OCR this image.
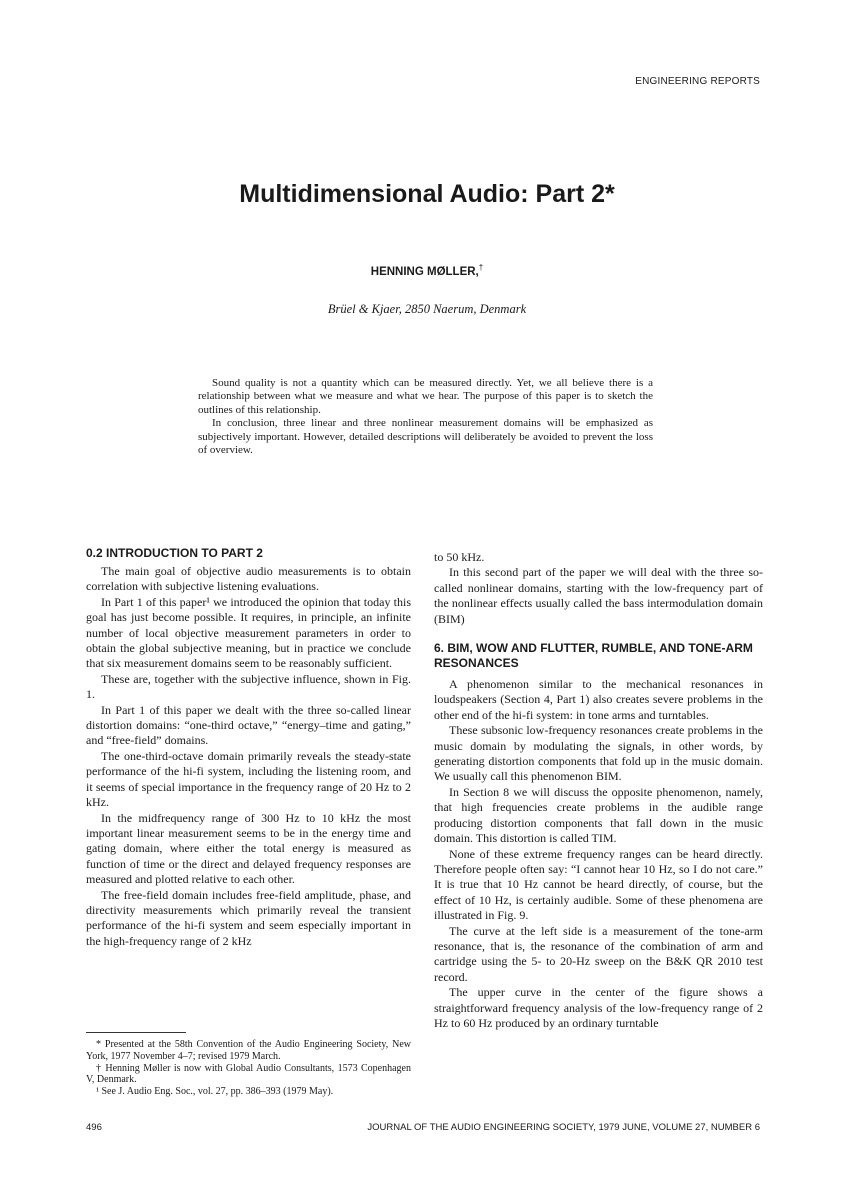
ENGINEERING REPORTS
Multidimensional Audio: Part 2*
HENNING MØLLER,†
Brüel & Kjaer, 2850 Naerum, Denmark

Sound quality is not a quantity which can be measured directly. Yet, we all believe there is a relationship between what we measure and what we hear. The purpose of this paper is to sketch the outlines of this relationship.

In conclusion, three linear and three nonlinear measurement domains will be emphasized as subjectively important. However, detailed descriptions will deliberately be avoided to prevent the loss of overview.

0.2 INTRODUCTION TO PART 2

The main goal of objective audio measurements is to obtain correlation with subjective listening evaluations.

In Part 1 of this paper¹ we introduced the opinion that today this goal has just become possible. It requires, in principle, an infinite number of local objective measurement parameters in order to obtain the global subjective meaning, but in practice we conclude that six measurement domains seem to be reasonably sufficient.

These are, together with the subjective influence, shown in Fig. 1.

In Part 1 of this paper we dealt with the three so-called linear distortion domains: “one-third octave,” “energy–time and gating,” and “free-field” domains.

The one-third-octave domain primarily reveals the steady-state performance of the hi-fi system, including the listening room, and it seems of special importance in the frequency range of 20 Hz to 2 kHz.

In the midfrequency range of 300 Hz to 10 kHz the most important linear measurement seems to be in the energy time and gating domain, where either the total energy is measured as function of time or the direct and delayed frequency responses are measured and plotted relative to each other.

The free-field domain includes free-field amplitude, phase, and directivity measurements which primarily reveal the transient performance of the hi-fi system and seem especially important in the high-frequency range of 2 kHz

* Presented at the 58th Convention of the Audio Engineering Society, New York, 1977 November 4–7; revised 1979 March.

† Henning Møller is now with Global Audio Consultants, 1573 Copenhagen V, Denmark.

¹ See J. Audio Eng. Soc., vol. 27, pp. 386–393 (1979 May).

to 50 kHz.

In this second part of the paper we will deal with the three so-called nonlinear domains, starting with the low-frequency part of the nonlinear effects usually called the bass intermodulation domain (BIM)

6. BIM, WOW AND FLUTTER, RUMBLE, AND TONE-ARM RESONANCES

A phenomenon similar to the mechanical resonances in loudspeakers (Section 4, Part 1) also creates severe problems in the other end of the hi-fi system: in tone arms and turntables.

These subsonic low-frequency resonances create problems in the music domain by modulating the signals, in other words, by generating distortion components that fold up in the music domain. We usually call this phenomenon BIM.

In Section 8 we will discuss the opposite phenomenon, namely, that high frequencies create problems in the audible range producing distortion components that fall down in the music domain. This distortion is called TIM.

None of these extreme frequency ranges can be heard directly. Therefore people often say: “I cannot hear 10 Hz, so I do not care.” It is true that 10 Hz cannot be heard directly, of course, but the effect of 10 Hz, is certainly audible. Some of these phenomena are illustrated in Fig. 9.

The curve at the left side is a measurement of the tone-arm resonance, that is, the resonance of the combination of arm and cartridge using the 5- to 20-Hz sweep on the B&K QR 2010 test record.

The upper curve in the center of the figure shows a straightforward frequency analysis of the low-frequency range of 2 Hz to 60 Hz produced by an ordinary turntable

496	JOURNAL OF THE AUDIO ENGINEERING SOCIETY, 1979 JUNE, VOLUME 27, NUMBER 6
